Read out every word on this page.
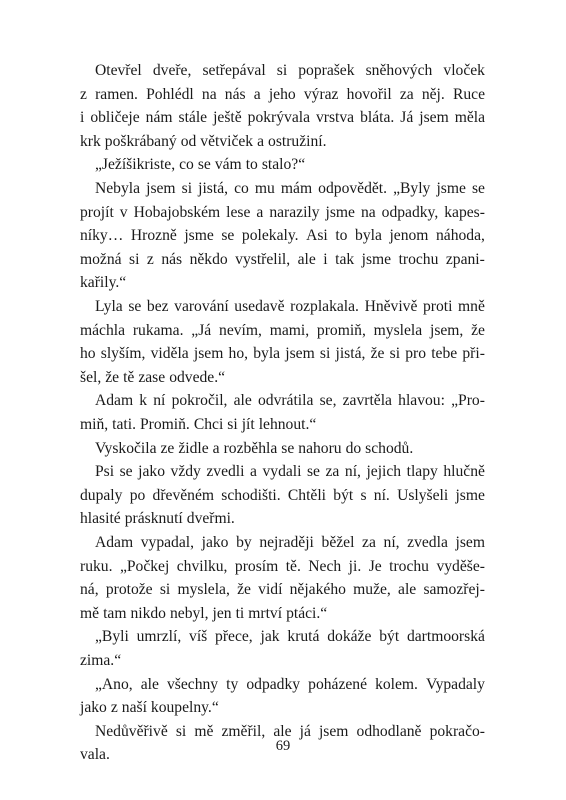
Otevřel dveře, setřepával si poprašek sněhových vloček
z ramen. Pohlédl na nás a jeho výraz hovořil za něj. Ruce
i obličeje nám stále ještě pokrývala vrstva bláta. Já jsem měla
krk poškrábaný od větviček a ostružiní.
„Ježíšikriste, co se vám to stalo?“
Nebyla jsem si jistá, co mu mám odpovědět. „Byly jsme se
projít v Hobajobském lese a narazily jsme na odpadky, kapes-
níky… Hrozně jsme se polekaly. Asi to byla jenom náhoda,
možná si z nás někdo vystřelil, ale i tak jsme trochu zpani-
kařily.“
Lyla se bez varování usedavě rozplakala. Hněvivě proti mně
máchla rukama. „Já nevím, mami, promiň, myslela jsem, že
ho slyším, viděla jsem ho, byla jsem si jistá, že si pro tebe při-
šel, že tě zase odvede.“
Adam k ní pokročil, ale odvrátila se, zavrtěla hlavou: „Pro-
miň, tati. Promiň. Chci si jít lehnout.“
Vyskočila ze židle a rozběhla se nahoru do schodů.
Psi se jako vždy zvedli a vydali se za ní, jejich tlapy hlučně
dupaly po dřevěném schodišti. Chtěli být s ní. Uslyšeli jsme
hlasité prásknutí dveřmi.
Adam vypadal, jako by nejraději běžel za ní, zvedla jsem
ruku. „Počkej chvilku, prosím tě. Nech ji. Je trochu vyděše-
ná, protože si myslela, že vidí nějakého muže, ale samozřej-
mě tam nikdo nebyl, jen ti mrtví ptáci.“
„Byli umrzlí, víš přece, jak krutá dokáže být dartmoorská
zima.“
„Ano, ale všechny ty odpadky poházené kolem. Vypadaly
jako z naší koupelny.“
Nedůvěřivě si mě změřil, ale já jsem odhodlaně pokračo-
vala.
69
